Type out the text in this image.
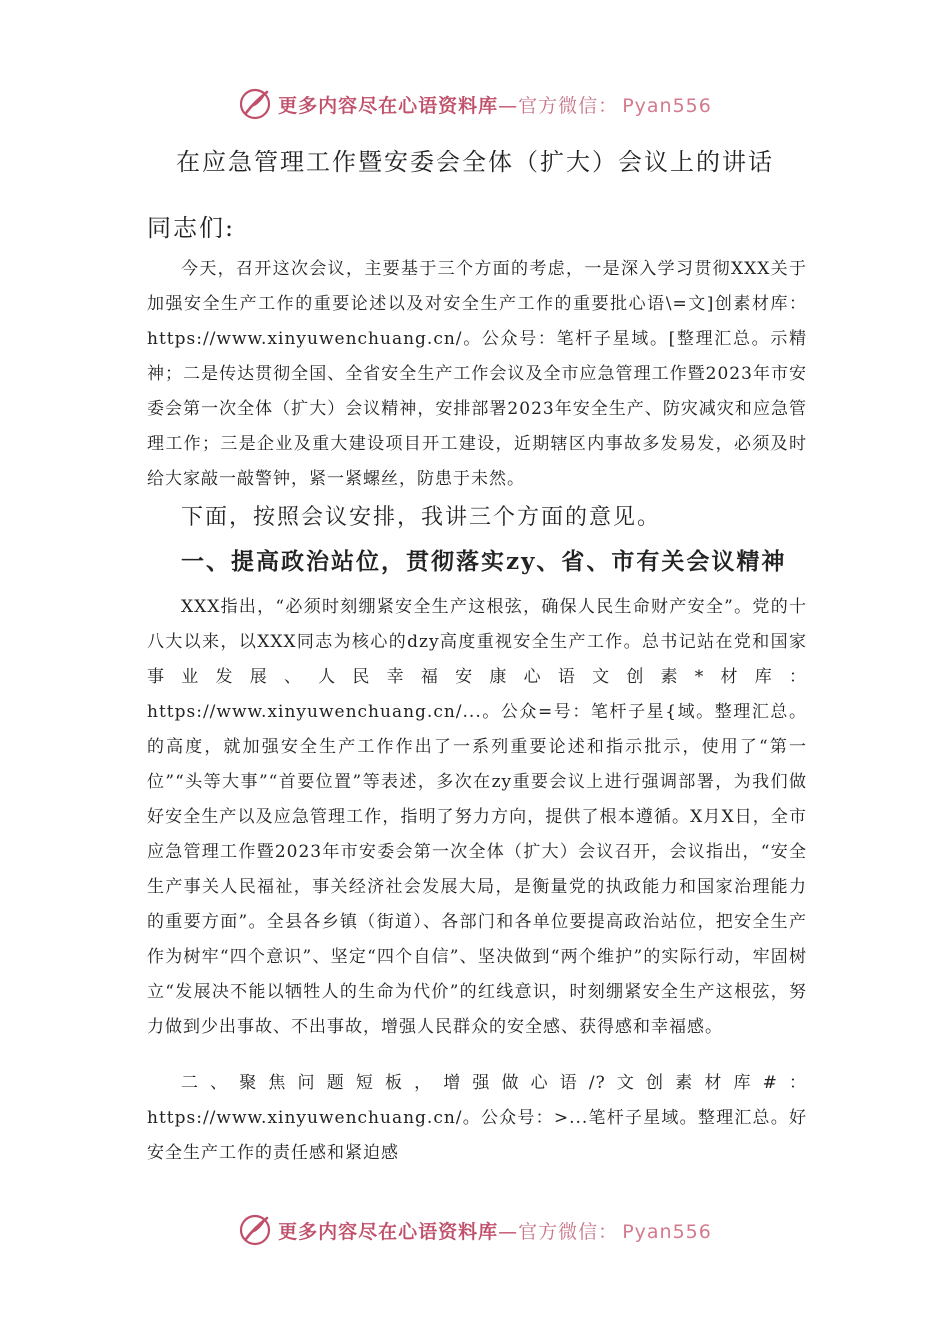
更多内容尽在心语资料库—官方微信： Pyan556
在应急管理工作暨安委会全体（扩大）会议上的讲话
同志们:

今天，召开这次会议，主要基于三个方面的考虑，一是深入学习贯彻XXX关于加强安全生产工作的重要论述以及对安全生产工作的重要批心语\=文]创素材库：https://www.xinyuwenchuang.cn/。公众号：笔杆子星域。[整理汇总。示精神；二是传达贯彻全国、全省安全生产工作会议及全市应急管理工作暨2023年市安委会第一次全体（扩大）会议精神，安排部署2023年安全生产、防灾减灾和应急管理工作；三是企业及重大建设项目开工建设，近期辖区内事故多发易发，必须及时给大家敲一敲警钟，紧一紧螺丝，防患于未然。

下面，按照会议安排，我讲三个方面的意见。
一、提高政治站位，贯彻落实zy、省、市有关会议精神

XXX指出，“必须时刻绷紧安全生产这根弦，确保人民生命财产安全”。党的十八大以来，以XXX同志为核心的dzy高度重视安全生产工作。总书记站在党和国家事业发展、人民幸福安康心语文创素*材库：https://www.xinyuwenchuang.cn/...。公众=号：笔杆子星{域。整理汇总。的高度，就加强安全生产工作作出了一系列重要论述和指示批示，使用了“第一位”“头等大事”“首要位置”等表述，多次在zy重要会议上进行强调部署，为我们做好安全生产以及应急管理工作，指明了努力方向，提供了根本遵循。X月X日，全市应急管理工作暨2023年市安委会第一次全体（扩大）会议召开，会议指出，“安全生产事关人民福祉，事关经济社会发展大局，是衡量党的执政能力和国家治理能力的重要方面”。全县各乡镇（街道）、各部门和各单位要提高政治站位，把安全生产作为树牢“四个意识”、坚定“四个自信”、坚决做到“两个维护”的实际行动，牢固树立“发展决不能以牺牲人的生命为代价”的红线意识，时刻绷紧安全生产这根弦，努力做到少出事故、不出事故，增强人民群众的安全感、获得感和幸福感。

二、聚焦问题短板，增强做心语/?文创素材库#：https://www.xinyuwenchuang.cn/。公众号：>...笔杆子星域。整理汇总。好安全生产工作的责任感和紧迫感

更多内容尽在心语资料库—官方微信： Pyan556
